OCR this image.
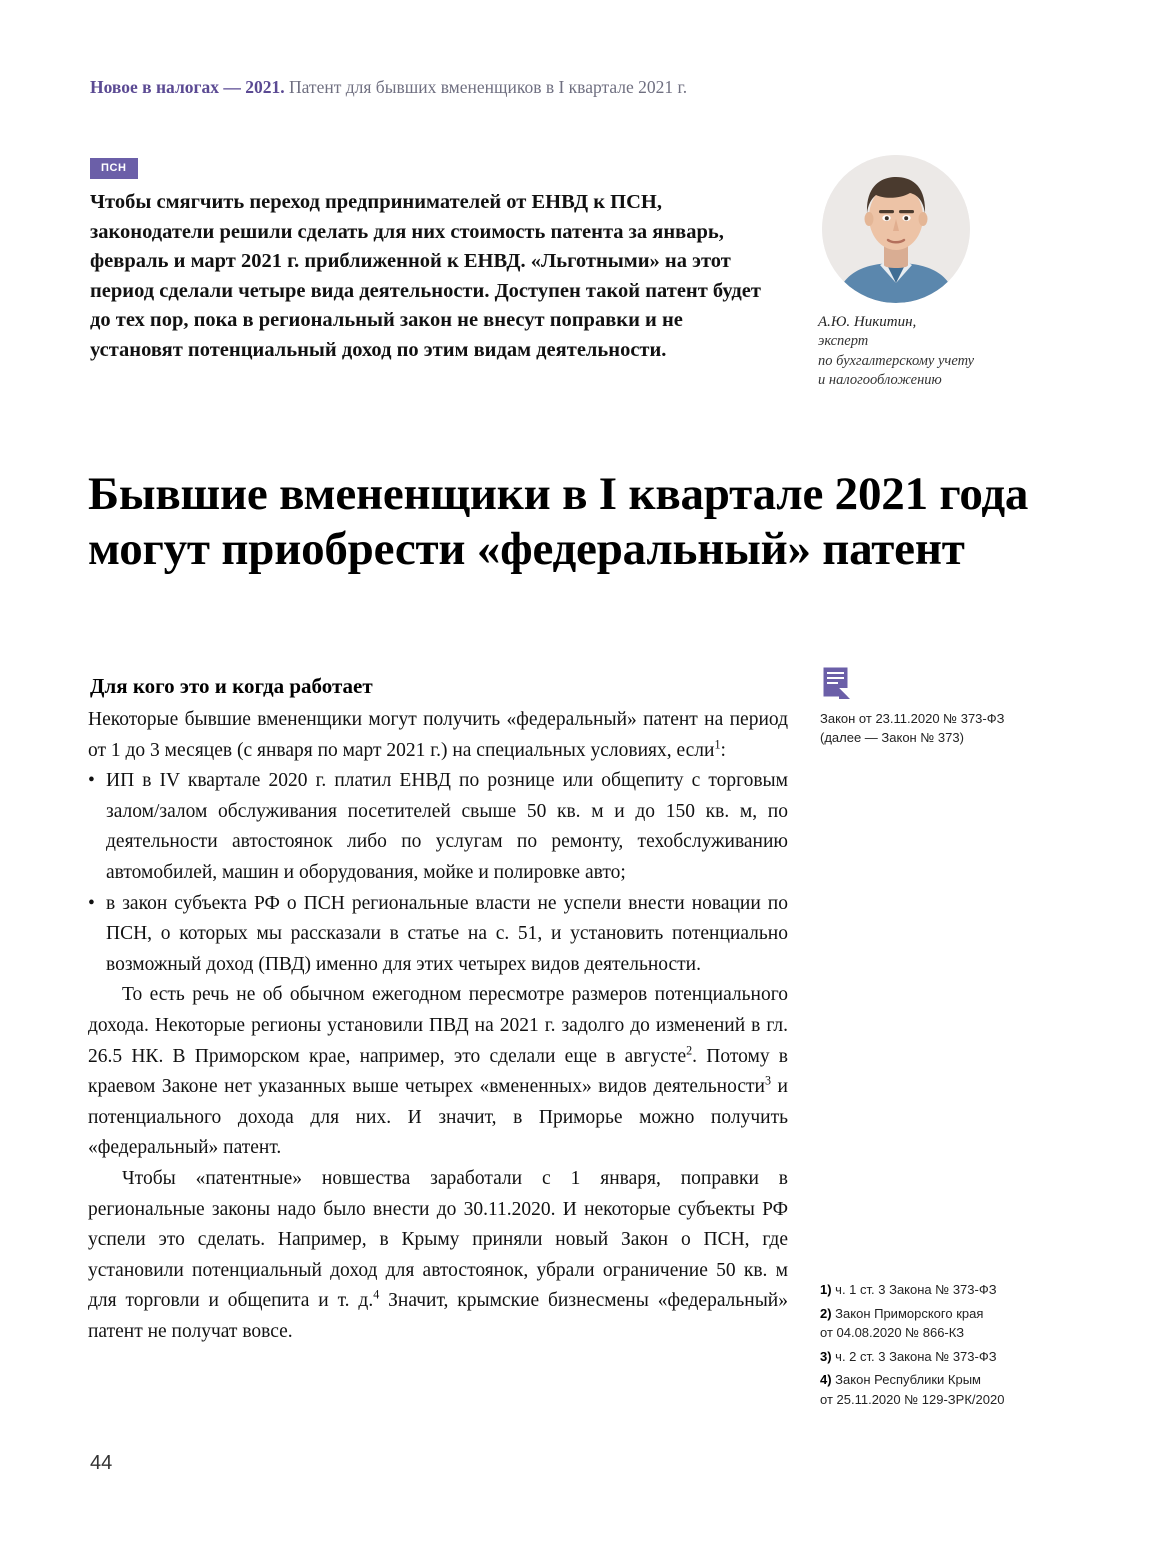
Новое в налогах — 2021. Патент для бывших вмененщиков в I квартале 2021 г.
ПСН
Чтобы смягчить переход предпринимателей от ЕНВД к ПСН, законодатели решили сделать для них стоимость патента за январь, февраль и март 2021 г. приближенной к ЕНВД. «Льготными» на этот период сделали четыре вида деятельности. Доступен такой патент будет до тех пор, пока в региональный закон не внесут поправки и не установят потенциальный доход по этим видам деятельности.
А.Ю. Никитин,
эксперт
по бухгалтерскому учету
и налогообложению
Бывшие вмененщики в I квартале 2021 года могут приобрести «федеральный» патент
Для кого это и когда работает

Некоторые бывшие вмененщики могут получить «федеральный» патент на период от 1 до 3 месяцев (с января по март 2021 г.) на специальных условиях, если$^1$:

• ИП в IV квартале 2020 г. платил ЕНВД по рознице или общепиту с торговым залом/залом обслуживания посетителей свыше 50 кв. м и до 150 кв. м, по деятельности автостоянок либо по услугам по ремонту, техобслуживанию автомобилей, машин и оборудования, мойке и полировке авто;
• в закон субъекта РФ о ПСН региональные власти не успели внести новации по ПСН, о которых мы рассказали в статье на с. 51, и установить потенциально возможный доход (ПВД) именно для этих четырех видов деятельности.

То есть речь не об обычном ежегодном пересмотре размеров потенциального дохода. Некоторые регионы установили ПВД на 2021 г. задолго до изменений в гл. 26.5 НК. В Приморском крае, например, это сделали еще в августе$^2$. Потому в краевом Законе нет указанных выше четырех «вмененных» видов деятельности$^3$ и потенциального дохода для них. И значит, в Приморье можно получить «федеральный» патент.

Чтобы «патентные» новшества заработали с 1 января, поправки в региональные законы надо было внести до 30.11.2020. И некоторые субъекты РФ успели это сделать. Например, в Крыму приняли новый Закон о ПСН, где установили потенциальный доход для автостоянок, убрали ограничение 50 кв. м для торговли и общепита и т. д.$^4$ Значит, крымские бизнесмены «федеральный» патент не получат вовсе.

Закон от 23.11.2020 № 373-ФЗ
(далее — Закон № 373)
1) ч. 1 ст. 3 Закона № 373-ФЗ
2) Закон Приморского края
от 04.08.2020 № 866-КЗ
3) ч. 2 ст. 3 Закона № 373-ФЗ
4) Закон Республики Крым
от 25.11.2020 № 129-ЗРК/2020
44
